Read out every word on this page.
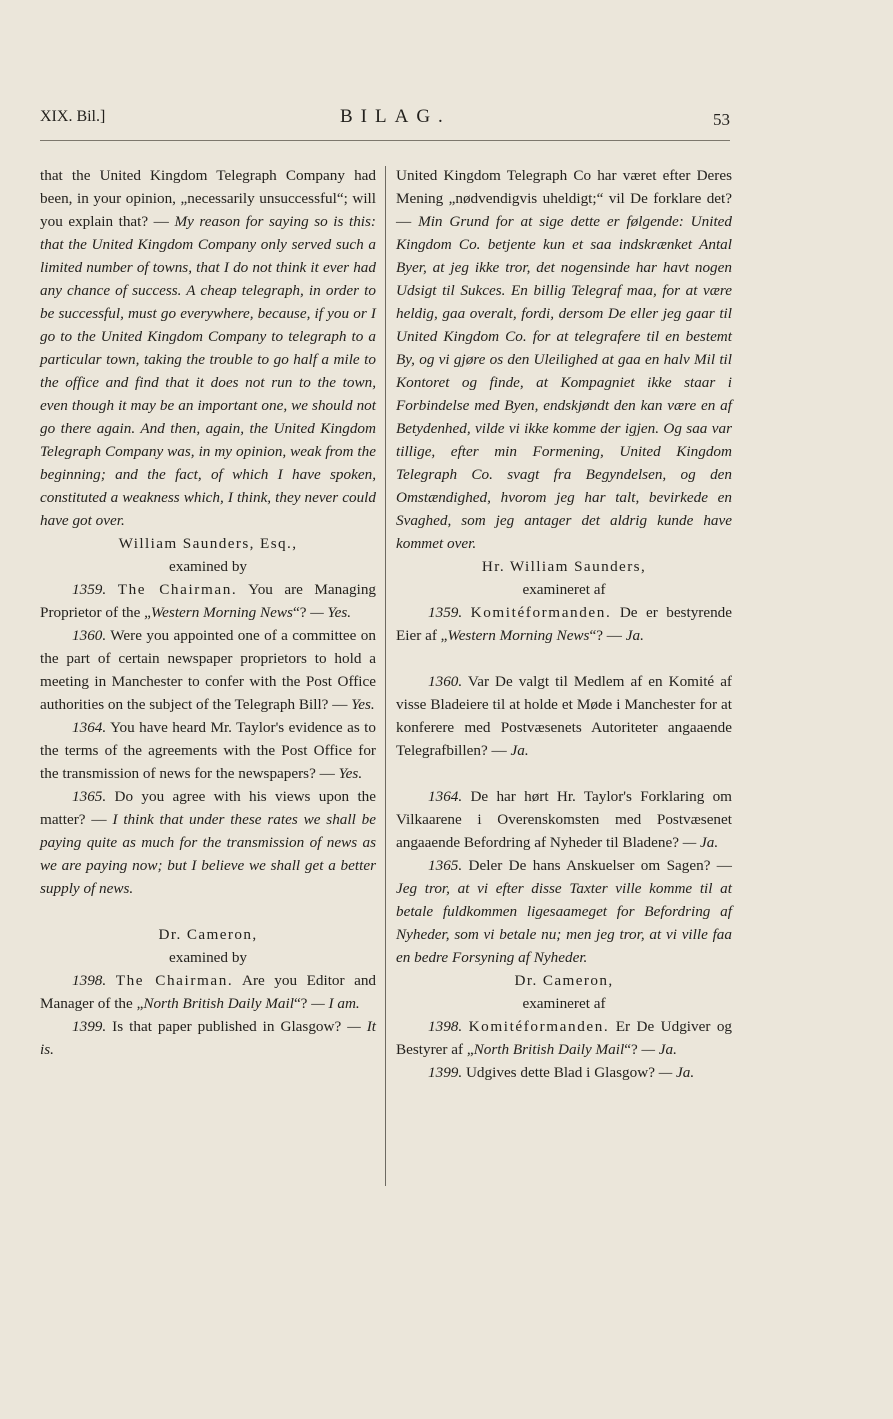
XIX. Bil.]	BILAG.	53

that the United Kingdom Telegraph Company had been, in your opinion, „necessarily unsuccessful“; will you explain that? — My reason for saying so is this: that the United Kingdom Company only served such a limited number of towns, that I do not think it ever had any chance of success. A cheap telegraph, in order to be successful, must go everywhere, because, if you or I go to the United Kingdom Company to telegraph to a particular town, taking the trouble to go half a mile to the office and find that it does not run to the town, even though it may be an important one, we should not go there again. And then, again, the United Kingdom Telegraph Company was, in my opinion, weak from the beginning; and the fact, of which I have spoken, constituted a weakness which, I think, they never could have got over.

William Saunders, Esq.,
examined by

1359. The Chairman. You are Managing Proprietor of the „Western Morning News“? — Yes.

1360. Were you appointed one of a committee on the part of certain newspaper proprietors to hold a meeting in Manchester to confer with the Post Office authorities on the subject of the Telegraph Bill? — Yes.

1364. You have heard Mr. Taylor's evidence as to the terms of the agreements with the Post Office for the transmission of news for the newspapers? — Yes.

1365. Do you agree with his views upon the matter? — I think that under these rates we shall be paying quite as much for the transmission of news as we are paying now; but I believe we shall get a better supply of news.

Dr. Cameron,
examined by

1398. The Chairman. Are you Editor and Manager of the „North British Daily Mail“? — I am.

1399. Is that paper published in Glasgow? — It is.

United Kingdom Telegraph Co har været efter Deres Mening „nødvendigvis uheldigt;“ vil De forklare det? — Min Grund for at sige dette er følgende: United Kingdom Co. betjente kun et saa indskrænket Antal Byer, at jeg ikke tror, det nogensinde har havt nogen Udsigt til Sukces. En billig Telegraf maa, for at være heldig, gaa overalt, fordi, dersom De eller jeg gaar til United Kingdom Co. for at telegrafere til en bestemt By, og vi gjøre os den Uleilighed at gaa en halv Mil til Kontoret og finde, at Kompagniet ikke staar i Forbindelse med Byen, endskjøndt den kan være en af Betydenhed, vilde vi ikke komme der igjen. Og saa var tillige, efter min Formening, United Kingdom Telegraph Co. svagt fra Begyndelsen, og den Omstændighed, hvorom jeg har talt, bevirkede en Svaghed, som jeg antager det aldrig kunde have kommet over.

Hr. William Saunders,
examineret af

1359. Komitéformanden. De er bestyrende Eier af „Western Morning News“? — Ja.

1360. Var De valgt til Medlem af en Komité af visse Bladeiere til at holde et Møde i Manchester for at konferere med Postvæsenets Autoriteter angaaende Telegrafbillen? — Ja.

1364. De har hørt Hr. Taylor's Forklaring om Vilkaarene i Overenskomsten med Postvæsenet angaaende Befordring af Nyheder til Bladene? — Ja.

1365. Deler De hans Anskuelser om Sagen? — Jeg tror, at vi efter disse Taxter ville komme til at betale fuldkommen ligesaameget for Befordring af Nyheder, som vi betale nu; men jeg tror, at vi ville faa en bedre Forsyning af Nyheder.

Dr. Cameron,
examineret af

1398. Komitéformanden. Er De Udgiver og Bestyrer af „North British Daily Mail“? — Ja.

1399. Udgives dette Blad i Glasgow? — Ja.
